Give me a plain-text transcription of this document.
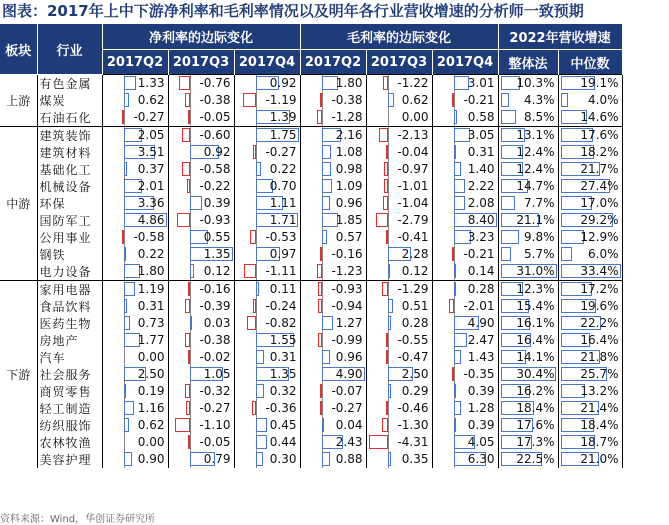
图表：2017年上中下游净利率和毛利率情况以及明年各行业营收增速的分析师一致预期
板块	行业	净利率的边际变化			毛利率的边际变化			2022年营收增速	
		2017Q2	2017Q3	2017Q4	2017Q2	2017Q3	2017Q4	整体法	中位数
上游	有色金属	1.33	-0.76	0.92	1.80	-1.22	3.01	10.3%	19.1%

	煤炭	0.62	-0.38	-1.19	-0.38	0.62	-0.21	4.3%	4.0%

	石油石化	-0.27	-0.05	1.39	-1.28	0.00	0.58	8.5%	14.6%

中游	建筑装饰	2.05	-0.60	1.75	2.16	-2.13	3.05	13.1%	17.6%

	建筑材料	3.51	0.92	-0.27	1.08	-0.04	0.31	12.4%	18.2%

	基础化工	0.37	-0.58	0.22	0.98	-0.97	1.40	12.4%	21.7%

	机械设备	2.01	-0.22	0.70	1.09	-1.01	2.22	14.7%	27.4%

	环保	3.36	0.39	1.11	0.96	-1.04	2.08	7.7%	17.0%

	国防军工	4.86	-0.93	1.71	1.85	-2.79	8.40	21.1%	29.2%

	公用事业	-0.58	0.55	-0.53	0.57	-0.41	3.23	9.8%	12.9%

	钢铁	0.22	1.35	0.97	-0.16	2.28	-0.21	5.7%	6.0%

	电力设备	1.80	0.12	-1.11	-1.23	0.12	0.14	31.0%	33.4%

下游	家用电器	1.19	-0.16	0.11	-0.93	-1.29	0.28	12.3%	17.2%

	食品饮料	0.31	-0.39	-0.24	-0.94	0.51	-2.01	15.4%	19.6%

	医药生物	0.73	0.03	-0.82	1.27	0.28	4.90	16.1%	22.2%

	房地产	1.77	-0.38	1.55	-0.99	-0.55	2.47	16.4%	16.4%

	汽车	0.00	-0.02	0.31	0.96	-0.47	1.43	14.1%	21.8%

	社会服务	2.50	1.05	1.35	4.90	2.50	-0.35	30.4%	25.7%

	商贸零售	0.19	-0.32	0.32	-0.07	0.29	0.39	16.2%	13.2%

	轻工制造	1.16	-0.27	-0.36	-0.27	-0.46	1.28	18.4%	21.4%

	纺织服饰	0.62	-1.10	0.45	0.04	-1.30	0.39	17.6%	18.4%

	农林牧渔	0.00	-0.05	0.44	2.43	-4.31	4.05	17.3%	18.7%

	美容护理	0.90	0.79	0.30	0.88	0.35	6.30	22.5%	21.0%
资料来源：Wind，华创证券研究所
